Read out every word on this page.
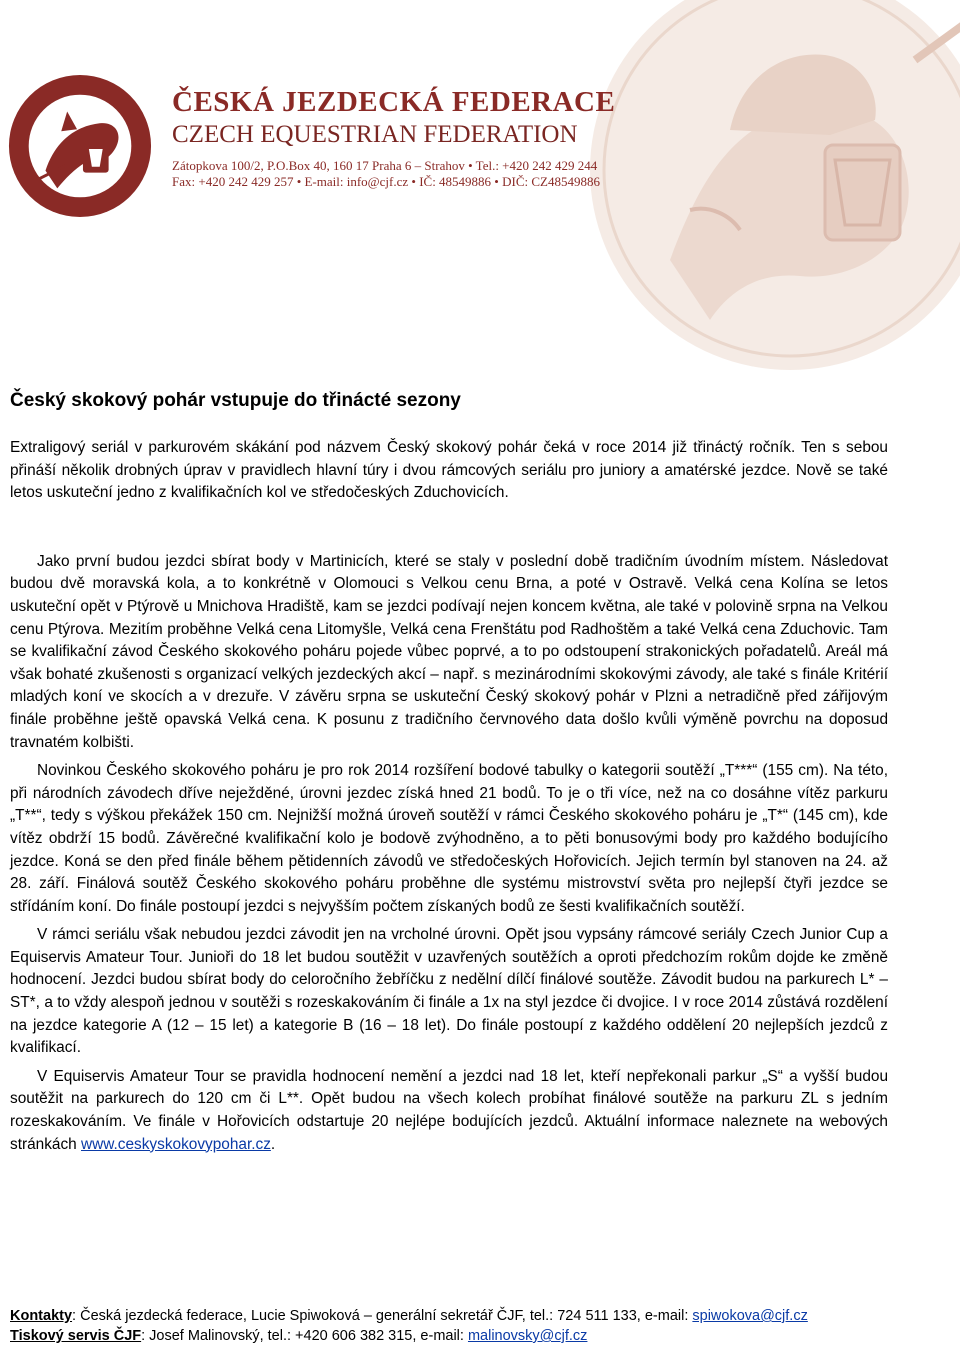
ČESKÁ JEZDECKÁ FEDERACE
CZECH EQUESTRIAN FEDERATION
Zátopkova 100/2, P.O.Box 40, 160 17 Praha 6 – Strahov • Tel.: +420 242 429 244
Fax: +420 242 429 257 • E-mail: info@cjf.cz • IČ: 48549886 • DIČ: CZ48549886
Český skokový pohár vstupuje do třinácté sezony

Extraligový seriál v parkurovém skákání pod názvem Český skokový pohár čeká v roce 2014 již třináctý ročník. Ten s sebou přináší několik drobných úprav v pravidlech hlavní túry i dvou rámcových seriálu pro juniory a amatérské jezdce. Nově se také letos uskuteční jedno z kvalifikačních kol ve středočeských Zduchovicích.

Jako první budou jezdci sbírat body v Martinicích, které se staly v poslední době tradičním úvodním místem. Následovat budou dvě moravská kola, a to konkrétně v Olomouci s Velkou cenu Brna, a poté v Ostravě. Velká cena Kolína se letos uskuteční opět v Ptýrově u Mnichova Hradiště, kam se jezdci podívají nejen koncem května, ale také v polovině srpna na Velkou cenu Ptýrova. Mezitím proběhne Velká cena Litomyšle, Velká cena Frenštátu pod Radhoštěm a také Velká cena Zduchovic. Tam se kvalifikační závod Českého skokového poháru pojede vůbec poprvé, a to po odstoupení strakonických pořadatelů. Areál má však bohaté zkušenosti s organizací velkých jezdeckých akcí – např. s mezinárodními skokovými závody, ale také s finále Kritérií mladých koní ve skocích a v drezuře. V závěru srpna se uskuteční Český skokový pohár v Plzni a netradičně před zářijovým finále proběhne ještě opavská Velká cena. K posunu z tradičního červnového data došlo kvůli výměně povrchu na doposud travnatém kolbišti.

Novinkou Českého skokového poháru je pro rok 2014 rozšíření bodové tabulky o kategorii soutěží „T***“ (155 cm). Na této, při národních závodech dříve neježděné, úrovni jezdec získá hned 21 bodů. To je o tři více, než na co dosáhne vítěz parkuru „T**“, tedy s výškou překážek 150 cm. Nejnižší možná úroveň soutěží v rámci Českého skokového poháru je „T*“ (145 cm), kde vítěz obdrží 15 bodů. Závěrečné kvalifikační kolo je bodově zvýhodněno, a to pěti bonusovými body pro každého bodujícího jezdce. Koná se den před finále během pětidenních závodů ve středočeských Hořovicích. Jejich termín byl stanoven na 24. až 28. září. Finálová soutěž Českého skokového poháru proběhne dle systému mistrovství světa pro nejlepší čtyři jezdce se střídáním koní. Do finále postoupí jezdci s nejvyšším počtem získaných bodů ze šesti kvalifikačních soutěží.

V rámci seriálu však nebudou jezdci závodit jen na vrcholné úrovni. Opět jsou vypsány rámcové seriály Czech Junior Cup a Equiservis Amateur Tour. Junioři do 18 let budou soutěžit v uzavřených soutěžích a oproti předchozím rokům dojde ke změně hodnocení. Jezdci budou sbírat body do celoročního žebříčku z nedělní dílčí finálové soutěže. Závodit budou na parkurech L* – ST*, a to vždy alespoň jednou v soutěži s rozeskakováním či finále a 1x na styl jezdce či dvojice. I v roce 2014 zůstává rozdělení na jezdce kategorie A (12 – 15 let) a kategorie B (16 – 18 let). Do finále postoupí z každého oddělení 20 nejlepších jezdců z kvalifikací.

V Equiservis Amateur Tour se pravidla hodnocení nemění a jezdci nad 18 let, kteří nepřekonali parkur „S“ a vyšší budou soutěžit na parkurech do 120 cm či L**. Opět budou na všech kolech probíhat finálové soutěže na parkuru ZL s jedním rozeskakováním. Ve finále v Hořovicích odstartuje 20 nejlépe bodujících jezdců. Aktuální informace naleznete na webových stránkách www.ceskyskokovypohar.cz.

Kontakty: Česká jezdecká federace, Lucie Spiwoková – generální sekretář ČJF, tel.: 724 511 133, e-mail: spiwokova@cjf.cz
Tiskový servis ČJF: Josef Malinovský, tel.: +420 606 382 315, e-mail: malinovsky@cjf.cz
